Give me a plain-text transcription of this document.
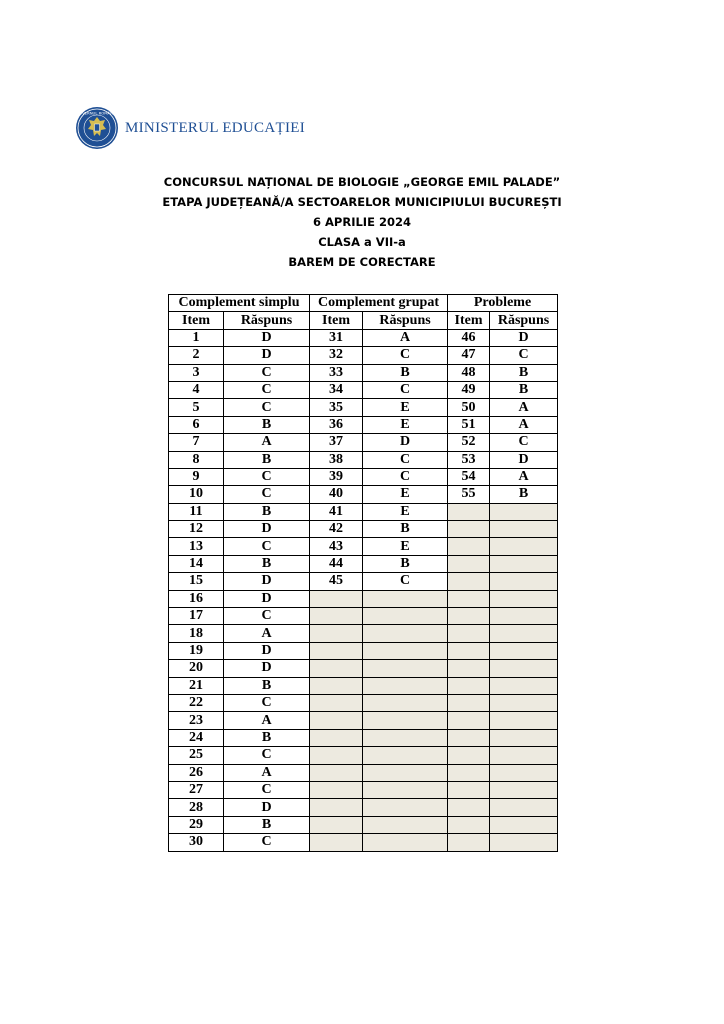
GUVERNUL ROMÂNIEI
MINISTERUL EDUCAȚIEI
CONCURSUL NAȚIONAL DE BIOLOGIE „GEORGE EMIL PALADE”
ETAPA JUDEȚEANĂ/A SECTOARELOR MUNICIPIULUI BUCUREȘTI
6 APRILIE 2024
CLASA a VII-a
BAREM DE CORECTARE
Complement simplu		Complement grupat		Probleme	
Item	Răspuns	Item	Răspuns	Item	Răspuns
1	D	31	A	46	D
2	D	32	C	47	C
3	C	33	B	48	B
4	C	34	C	49	B
5	C	35	E	50	A
6	B	36	E	51	A
7	A	37	D	52	C
8	B	38	C	53	D
9	C	39	C	54	A
10	C	40	E	55	B
11	B	41	E		
12	D	42	B		
13	C	43	E		
14	B	44	B		
15	D	45	C		
16	D				
17	C				
18	A				
19	D				
20	D				
21	B				
22	C				
23	A				
24	B				
25	C				
26	A				
27	C				
28	D				
29	B				
30	C				
